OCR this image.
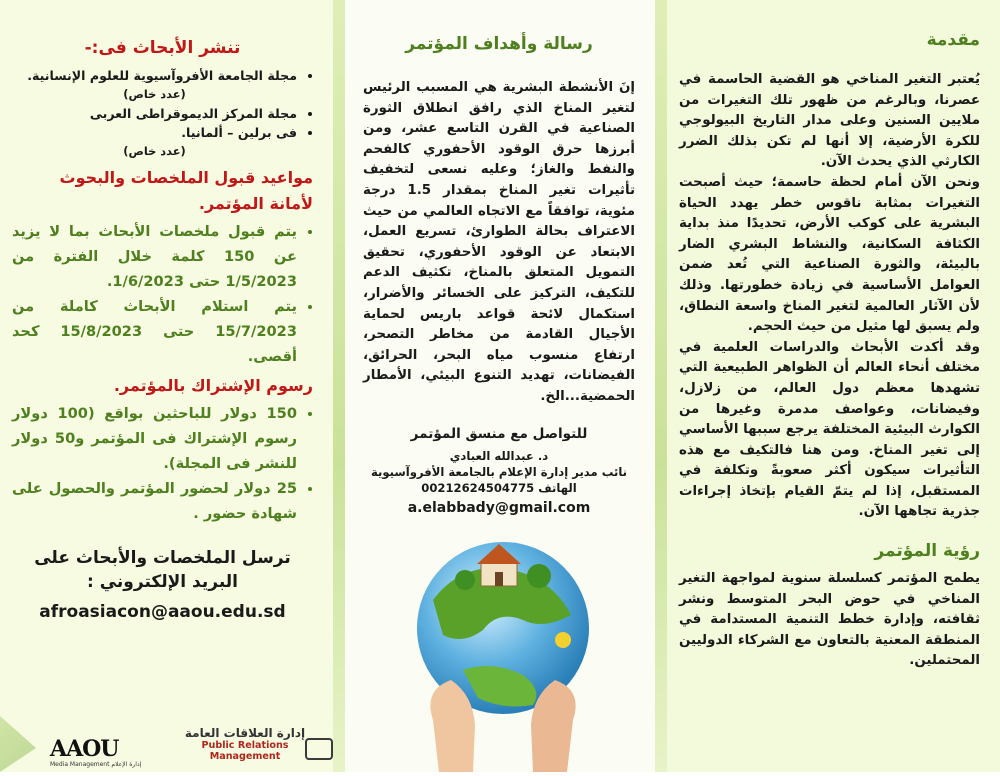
مقدمة

يُعتبر التغير المناخي هو القضية الحاسمة في عصرنا، وبالرغم من ظهور تلك التغيرات من ملايين السنين وعلى مدار التاريخ البيولوجي للكرة الأرضية، إلا أنها لم تكن بذلك الضرر الكارثي الذي يحدث الآن.

ونحن الآن أمام لحظة حاسمة؛ حيث أصبحت التغيرات بمثابة ناقوس خطر يهدد الحياة البشرية على كوكب الأرض، تحديدًا منذ بداية الكثافة السكانية، والنشاط البشري الضار بالبيئة، والثورة الصناعية التي تُعد ضمن العوامل الأساسية في زيادة خطورتها. وذلك لأن الآثار العالمية لتغير المناخ واسعة النطاق، ولم يسبق لها مثيل من حيث الحجم.

وقد أكدت الأبحاث والدراسات العلمية في مختلف أنحاء العالم أن الظواهر الطبيعية التي تشهدها معظم دول العالم، من زلازل، وفيضانات، وعواصف مدمرة وغيرها من الكوارث البيئية المختلفة يرجع سببها الأساسي إلى تغير المناخ. ومن هنا فالتكيف مع هذه التأثيرات سيكون أكثر صعوبةً وتكلفة في المستقبل، إذا لم يتمّ القيام بإتخاذ إجراءات جذرية تجاهها الآن.

رؤية المؤتمر

يطمح المؤتمر كسلسلة سنوية لمواجهة التغير المناخي في حوض البحر المتوسط ونشر ثقافته، وإدارة خطط التنمية المستدامة في المنطقة المعنية بالتعاون مع الشركاء الدوليين المحتملين.

رسالة وأهداف المؤتمر

إنَ الأنشطة البشرية هي المسبب الرئيس لتغير المناخ الذي رافق انطلاق الثورة الصناعية في القرن التاسع عشر، ومن أبرزها حرق الوقود الأحفوري كالفحم والنفط والغاز؛ وعليه نسعى لتخفيف تأثيرات تغير المناخ بمقدار 1.5 درجة مئوية، توافقاً مع الاتجاه العالمي من حيث الاعتراف بحالة الطوارئ، تسريع العمل، الابتعاد عن الوقود الأحفوري، تحقيق التمويل المتعلق بالمناخ، تكثيف الدعم للتكيف، التركيز على الخسائر والأضرار، استكمال لائحة قواعد باريس لحماية الأجيال القادمة من مخاطر التصحر، ارتفاع منسوب مياه البحر، الحرائق، الفيضانات، تهديد التنوع البيئي، الأمطار الحمضية...الخ.

للتواصل مع منسق المؤتمر
د. عبدالله العبادي
نائب مدير إدارة الإعلام بالجامعة الأفروآسيوية
الهاتف 00212624504775
a.elabbady@gmail.com
تنشر الأبحاث فى:-
• مجلة الجامعة الأفروآسيوية للعلوم الإنسانية.
(عدد خاص)
• مجلة المركز الديموقراطى العربى
• فى برلين – ألمانيا.
(عدد خاص)
مواعيد قبول الملخصات والبحوث لأمانة المؤتمر.
• يتم قبول ملخصات الأبحاث بما لا يزيد عن 150 كلمة خلال الفترة من 1/5/2023 حتى 1/6/2023.
• يتم استلام الأبحاث كاملة من 15/7/2023 حتى 15/8/2023 كحد أقصى.
رسوم الإشتراك بالمؤتمر.
• 150 دولار للباحثين بواقع (100 دولار رسوم الإشتراك فى المؤتمر و50 دولار للنشر فى المجلة).
• 25 دولار لحضور المؤتمر والحصول على شهادة حضور .
ترسل الملخصات والأبحاث على البريد الإلكتروني :
afroasiacon@aaou.edu.sd
AAOU
Media Management إدارة الإعلام
إدارة العلاقات العامة
Public Relations Management
